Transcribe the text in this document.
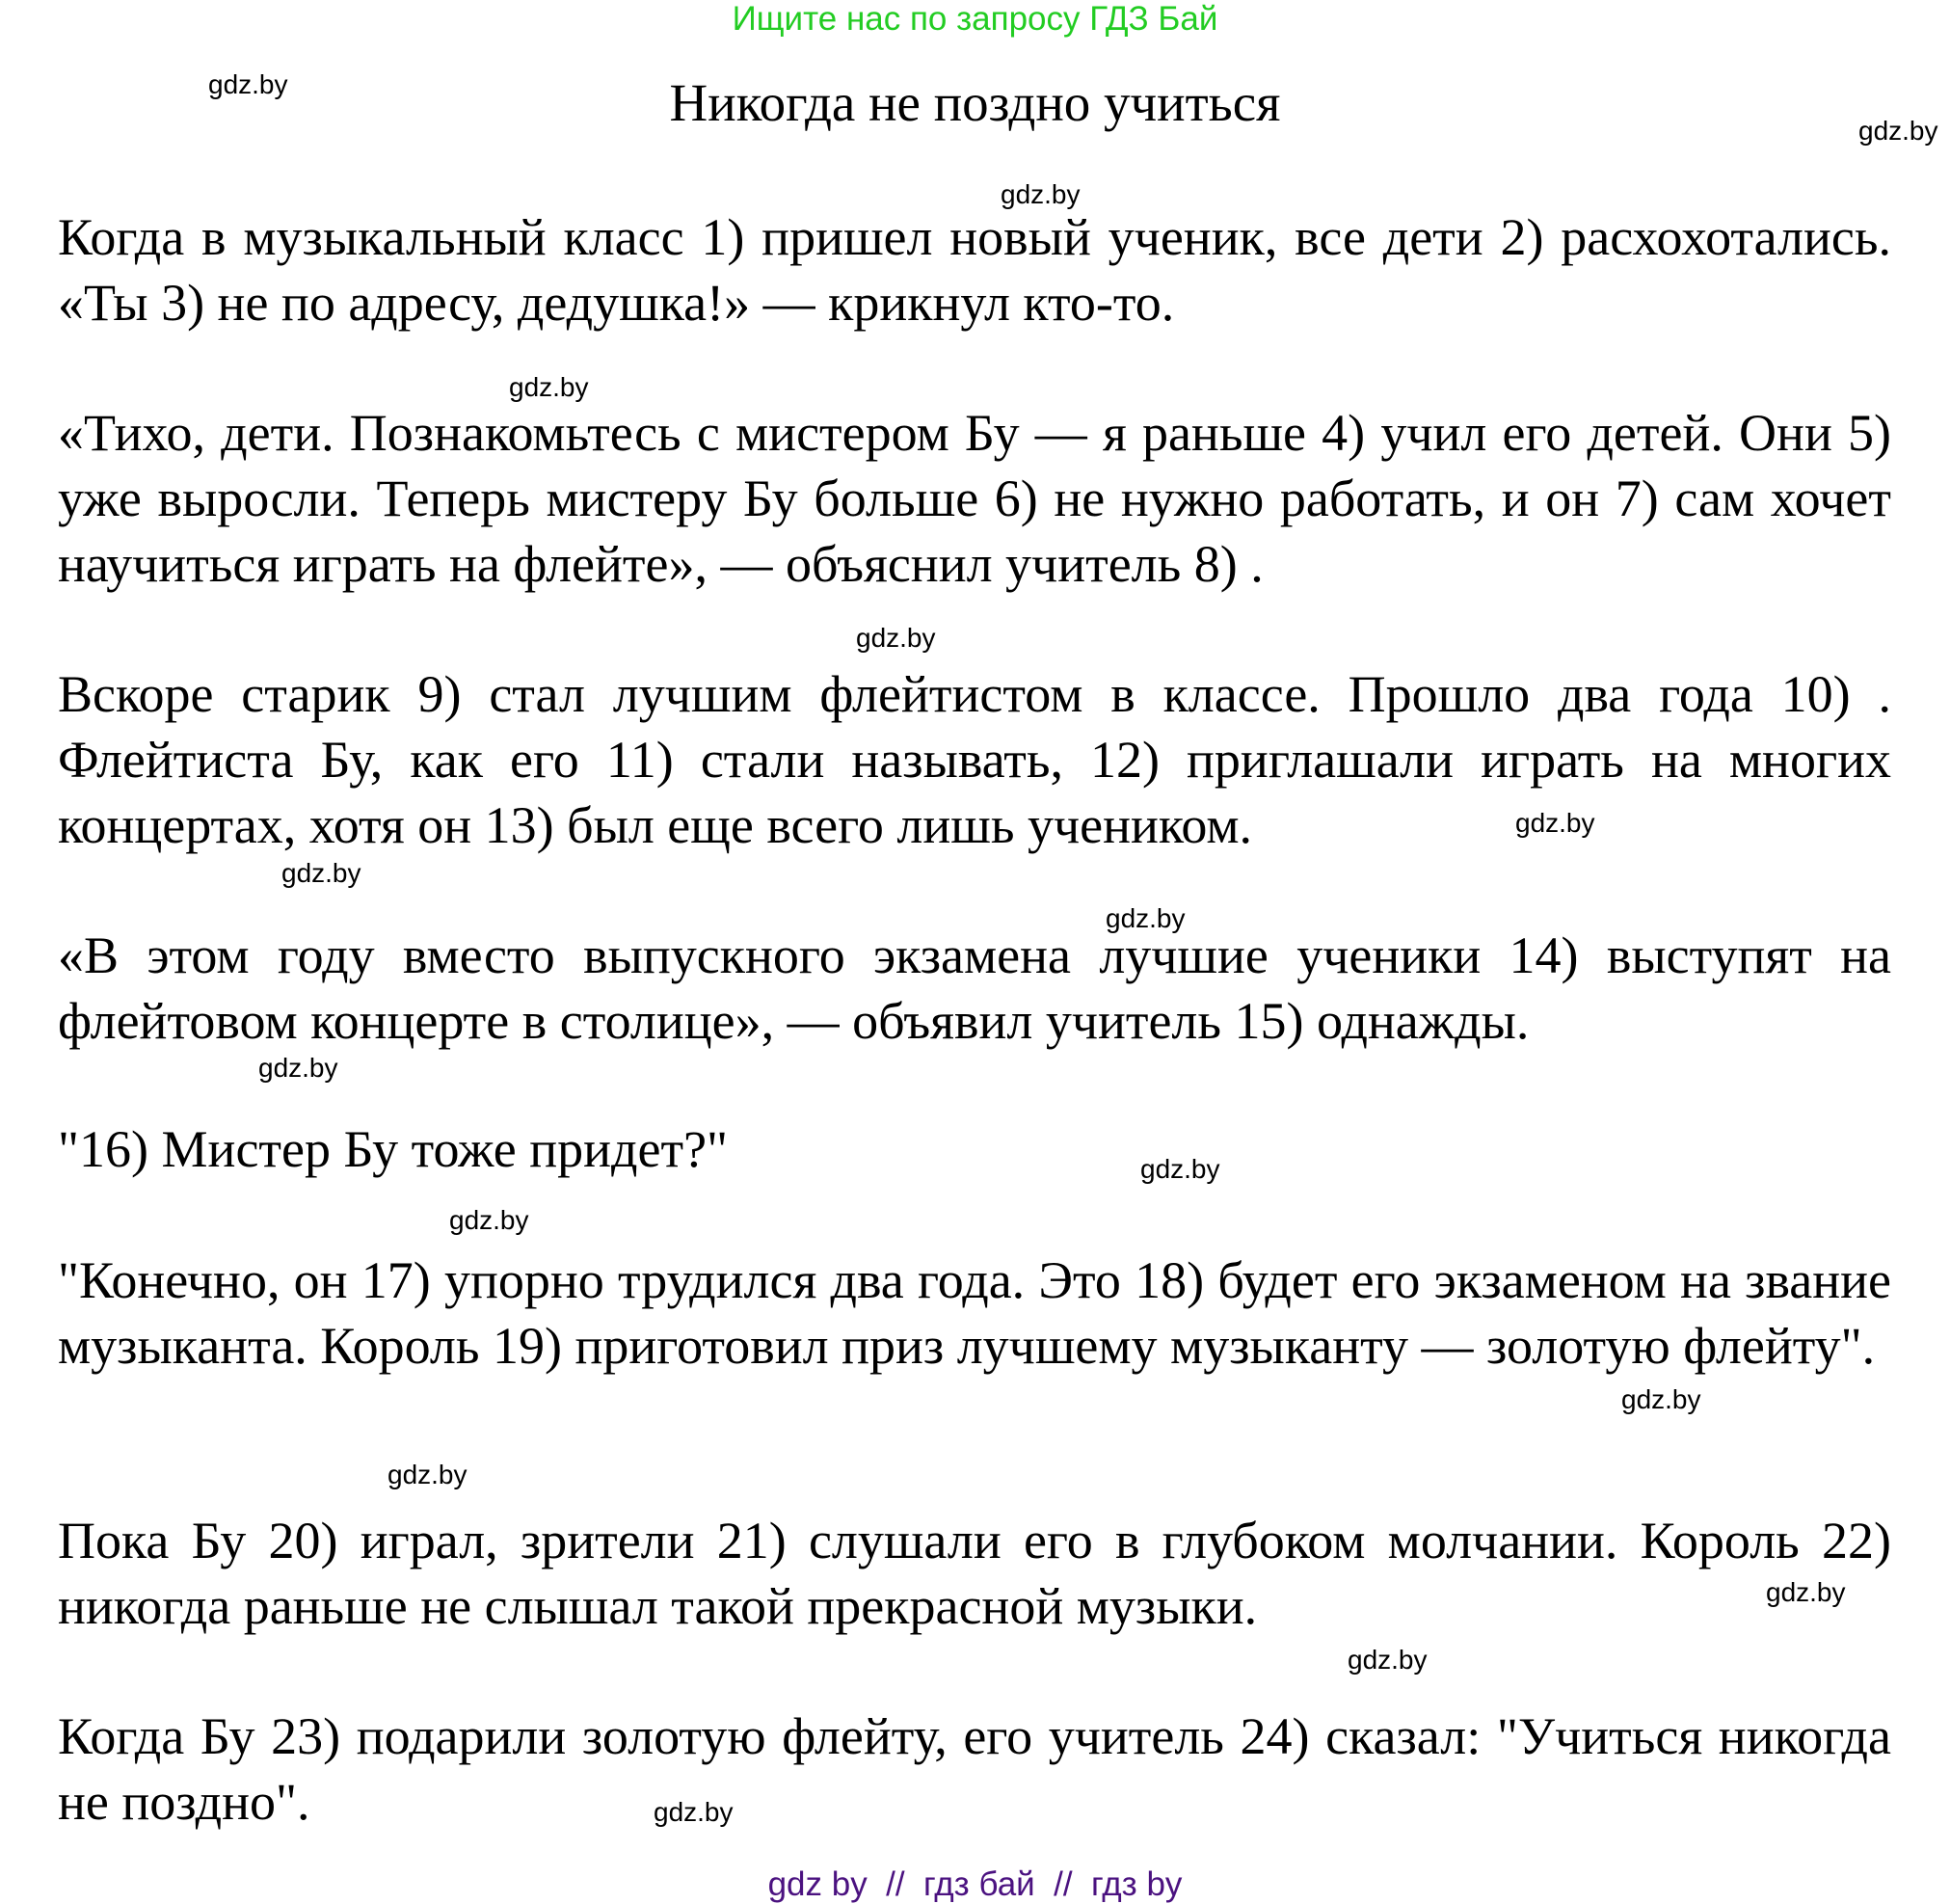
Ищите нас по запросу ГДЗ Бай
Никогда не поздно учиться
Когда в музыкальный класс 1) пришел новый ученик, все дети 2) расхохотались. «Ты 3) не по адресу, дедушка!» — крикнул кто-то.
«Тихо, дети. Познакомьтесь с мистером Бу — я раньше 4) учил его детей. Они 5) уже выросли. Теперь мистеру Бу больше 6) не нужно работать, и он 7) сам хочет научиться играть на флейте», — объяснил учитель 8) .
Вскоре старик 9) стал лучшим флейтистом в классе. Прошло два года 10) . Флейтиста Бу, как его 11) стали называть, 12) приглашали играть на многих концертах, хотя он 13) был еще всего лишь учеником.
«В этом году вместо выпускного экзамена лучшие ученики 14) выступят на флейтовом концерте в столице», — объявил учитель 15) однажды.
"16) Мистер Бу тоже придет?"
"Конечно, он 17) упорно трудился два года. Это 18) будет его экзаменом на звание музыканта. Король 19) приготовил приз лучшему музыканту — золотую флейту".
Пока Бу 20) играл, зрители 21) слушали его в глубоком молчании. Король 22) никогда раньше не слышал такой прекрасной музыки.
Когда Бу 23) подарили золотую флейту, его учитель 24) сказал: "Учиться никогда не поздно".
gdz.by
gdz.by
gdz.by
gdz.by
gdz.by
gdz.by
gdz.by
gdz.by
gdz.by
gdz.by
gdz.by
gdz.by
gdz.by
gdz.by
gdz.by
gdz.by
gdz by  //  гдз бай  //  гдз by
